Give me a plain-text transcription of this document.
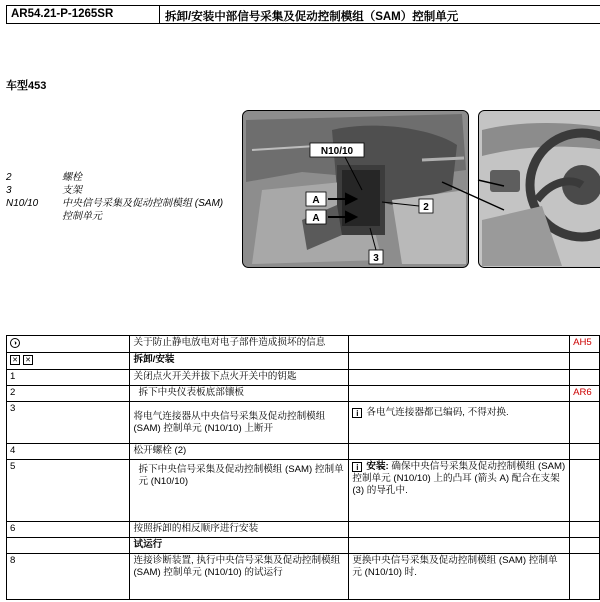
AR54.21-P-1265SR	拆卸/安装中部信号采集及促动控制模组（SAM）控制单元
车型453
2	螺栓
3	支架
N10/10	中央信号采集及促动控制模组 (SAM) 控制单元
N10/10
A
A
2
3
◑	关于防止静电放电对电子部件造成损坏的信息		AH5
✕ ✕	拆卸/安装		
1	关闭点火开关并拔下点火开关中的钥匙		
2	拆下中央仪表板底部镶板		AR6
3	将电气连接器从中央信号采集及促动控制模组 (SAM) 控制单元 (N10/10) 上断开	i 各电气连接器都已编码, 不得对换.	
4	松开螺栓 (2)		
5	拆下中央信号采集及促动控制模组 (SAM) 控制单元 (N10/10)	i 安装: 确保中央信号采集及促动控制模组 (SAM) 控制单元 (N10/10) 上的凸耳 (箭头 A) 配合在支架 (3) 的导孔中.	
6	按照拆卸的相反顺序进行安装		
	试运行		
8	连接诊断装置, 执行中央信号采集及促动控制模组 (SAM) 控制单元 (N10/10) 的试运行	更换中央信号采集及促动控制模组 (SAM) 控制单元 (N10/10) 时.	
